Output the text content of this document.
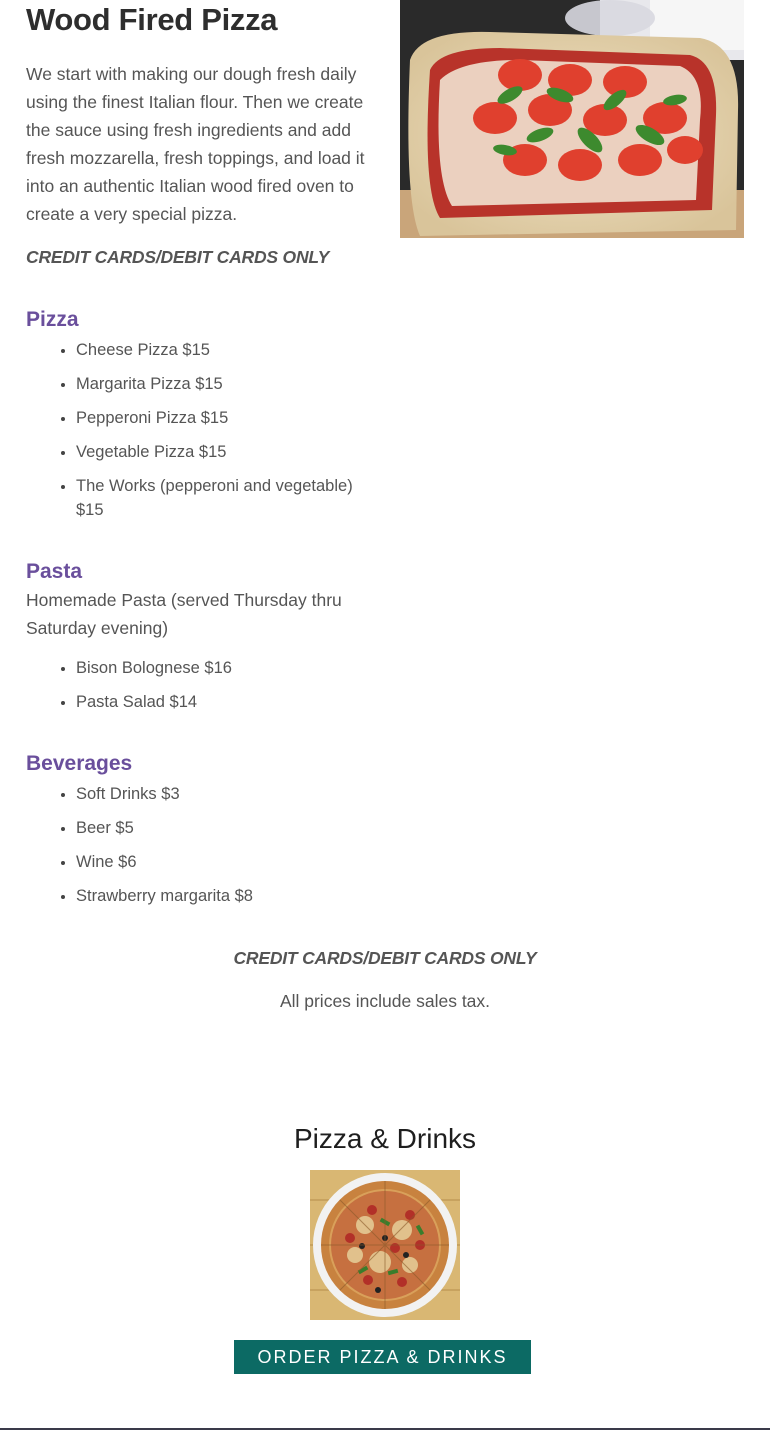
Wood Fired Pizza

We start with making our dough fresh daily using the finest Italian flour. Then we create the sauce using fresh ingredients and add fresh mozzarella, fresh toppings, and load it into an authentic Italian wood fired oven to create a very special pizza.

CREDIT CARDS/DEBIT CARDS ONLY

Pizza
• Cheese Pizza $15
• Margarita Pizza $15
• Pepperoni Pizza $15
• Vegetable Pizza $15
• The Works (pepperoni and vegetable) $15
Pasta

Homemade Pasta (served Thursday thru Saturday evening)

• Bison Bolognese $16
• Pasta Salad $14
Beverages
• Soft Drinks $3
• Beer $5
• Wine $6
• Strawberry margarita $8

CREDIT CARDS/DEBIT CARDS ONLY

All prices include sales tax.

Pizza & Drinks
ORDER PIZZA & DRINKS
